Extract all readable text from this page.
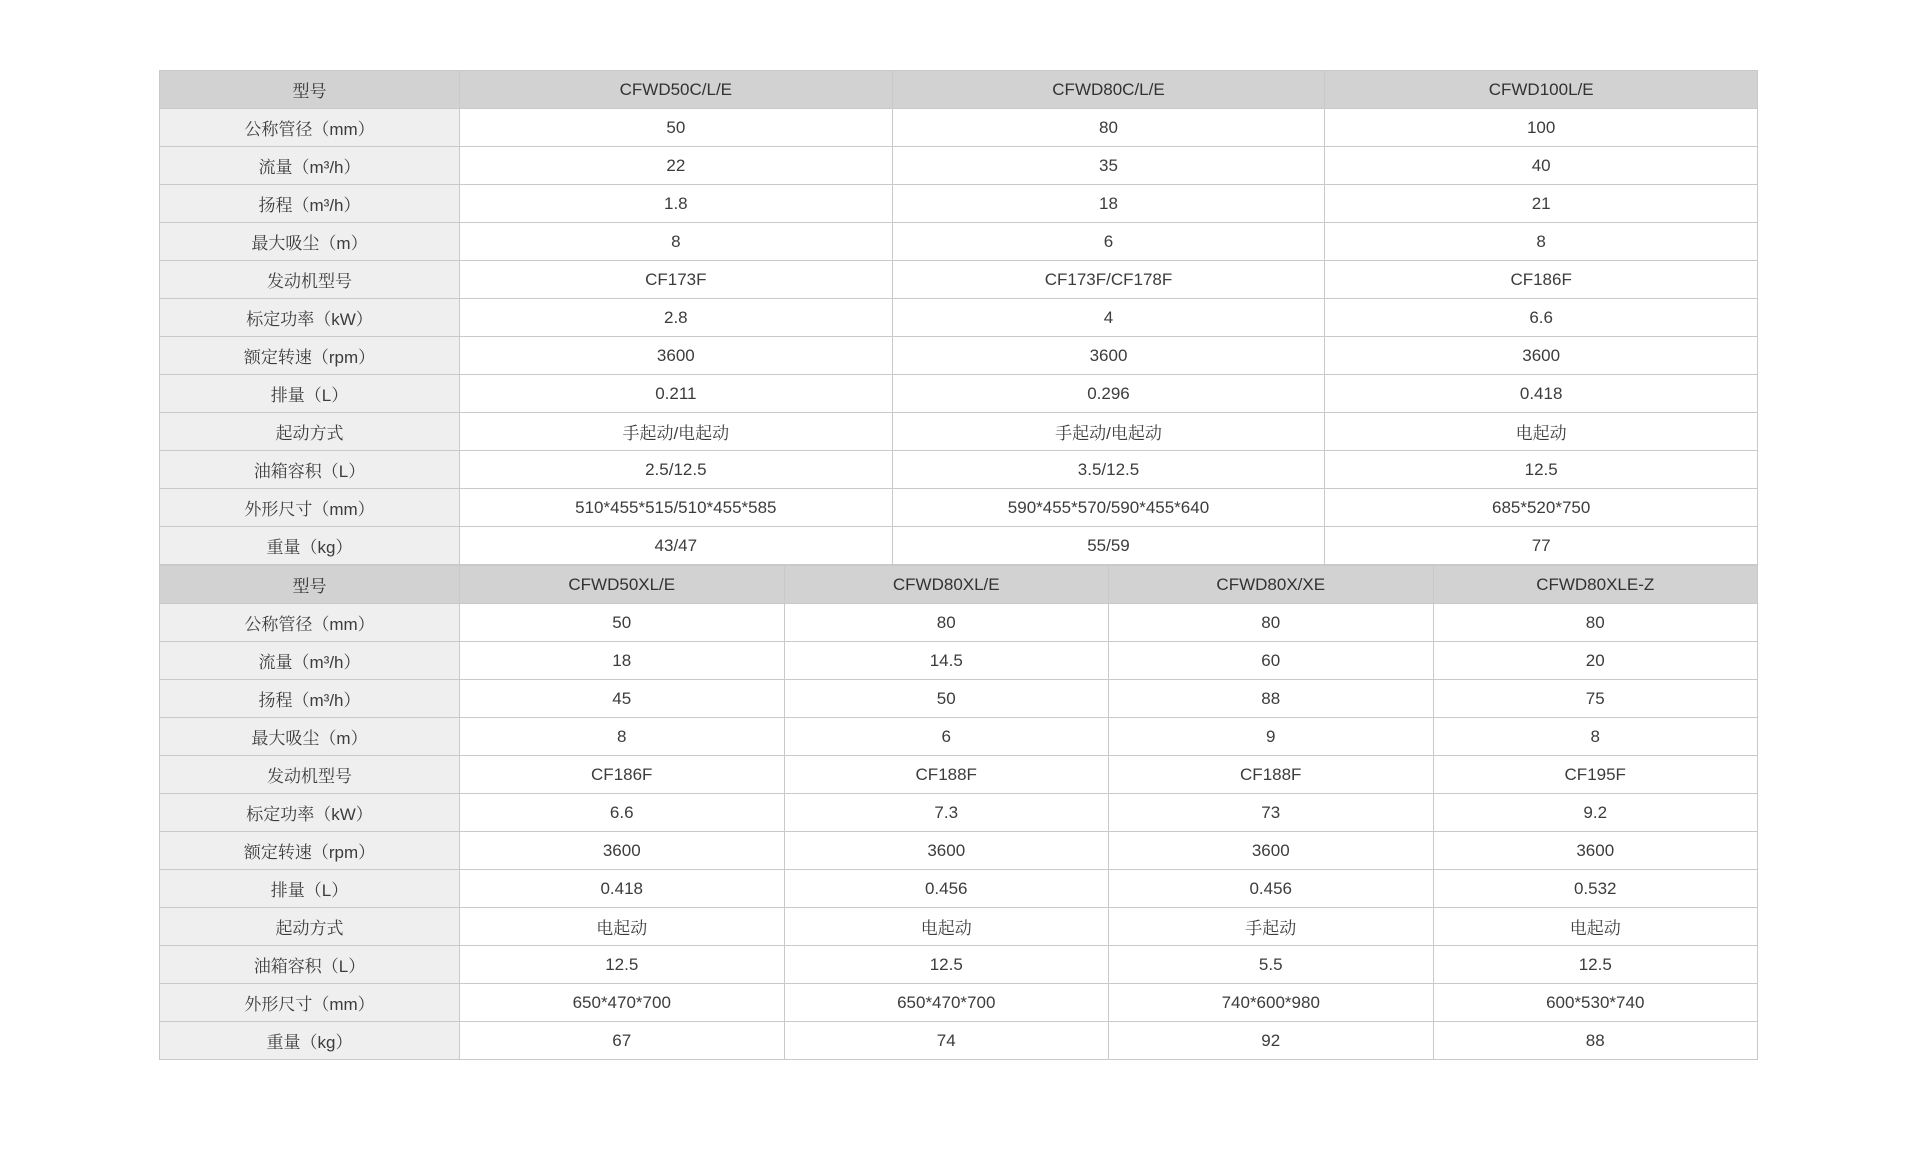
型号	CFWD50C/L/E	CFWD80C/L/E	CFWD100L/E
公称管径（mm）	50	80	100
流量（m³/h）	22	35	40
扬程（m³/h）	1.8	18	21
最大吸尘（m）	8	6	8
发动机型号	CF173F	CF173F/CF178F	CF186F
标定功率（kW）	2.8	4	6.6
额定转速（rpm）	3600	3600	3600
排量（L）	0.211	0.296	0.418
起动方式	手起动/电起动	手起动/电起动	电起动
油箱容积（L）	2.5/12.5	3.5/12.5	12.5
外形尺寸（mm）	510*455*515/510*455*585	590*455*570/590*455*640	685*520*750
重量（kg）	43/47	55/59	77
型号	CFWD50XL/E	CFWD80XL/E	CFWD80X/XE	CFWD80XLE-Z
公称管径（mm）	50	80	80	80
流量（m³/h）	18	14.5	60	20
扬程（m³/h）	45	50	88	75
最大吸尘（m）	8	6	9	8
发动机型号	CF186F	CF188F	CF188F	CF195F
标定功率（kW）	6.6	7.3	73	9.2
额定转速（rpm）	3600	3600	3600	3600
排量（L）	0.418	0.456	0.456	0.532
起动方式	电起动	电起动	手起动	电起动
油箱容积（L）	12.5	12.5	5.5	12.5
外形尺寸（mm）	650*470*700	650*470*700	740*600*980	600*530*740
重量（kg）	67	74	92	88
